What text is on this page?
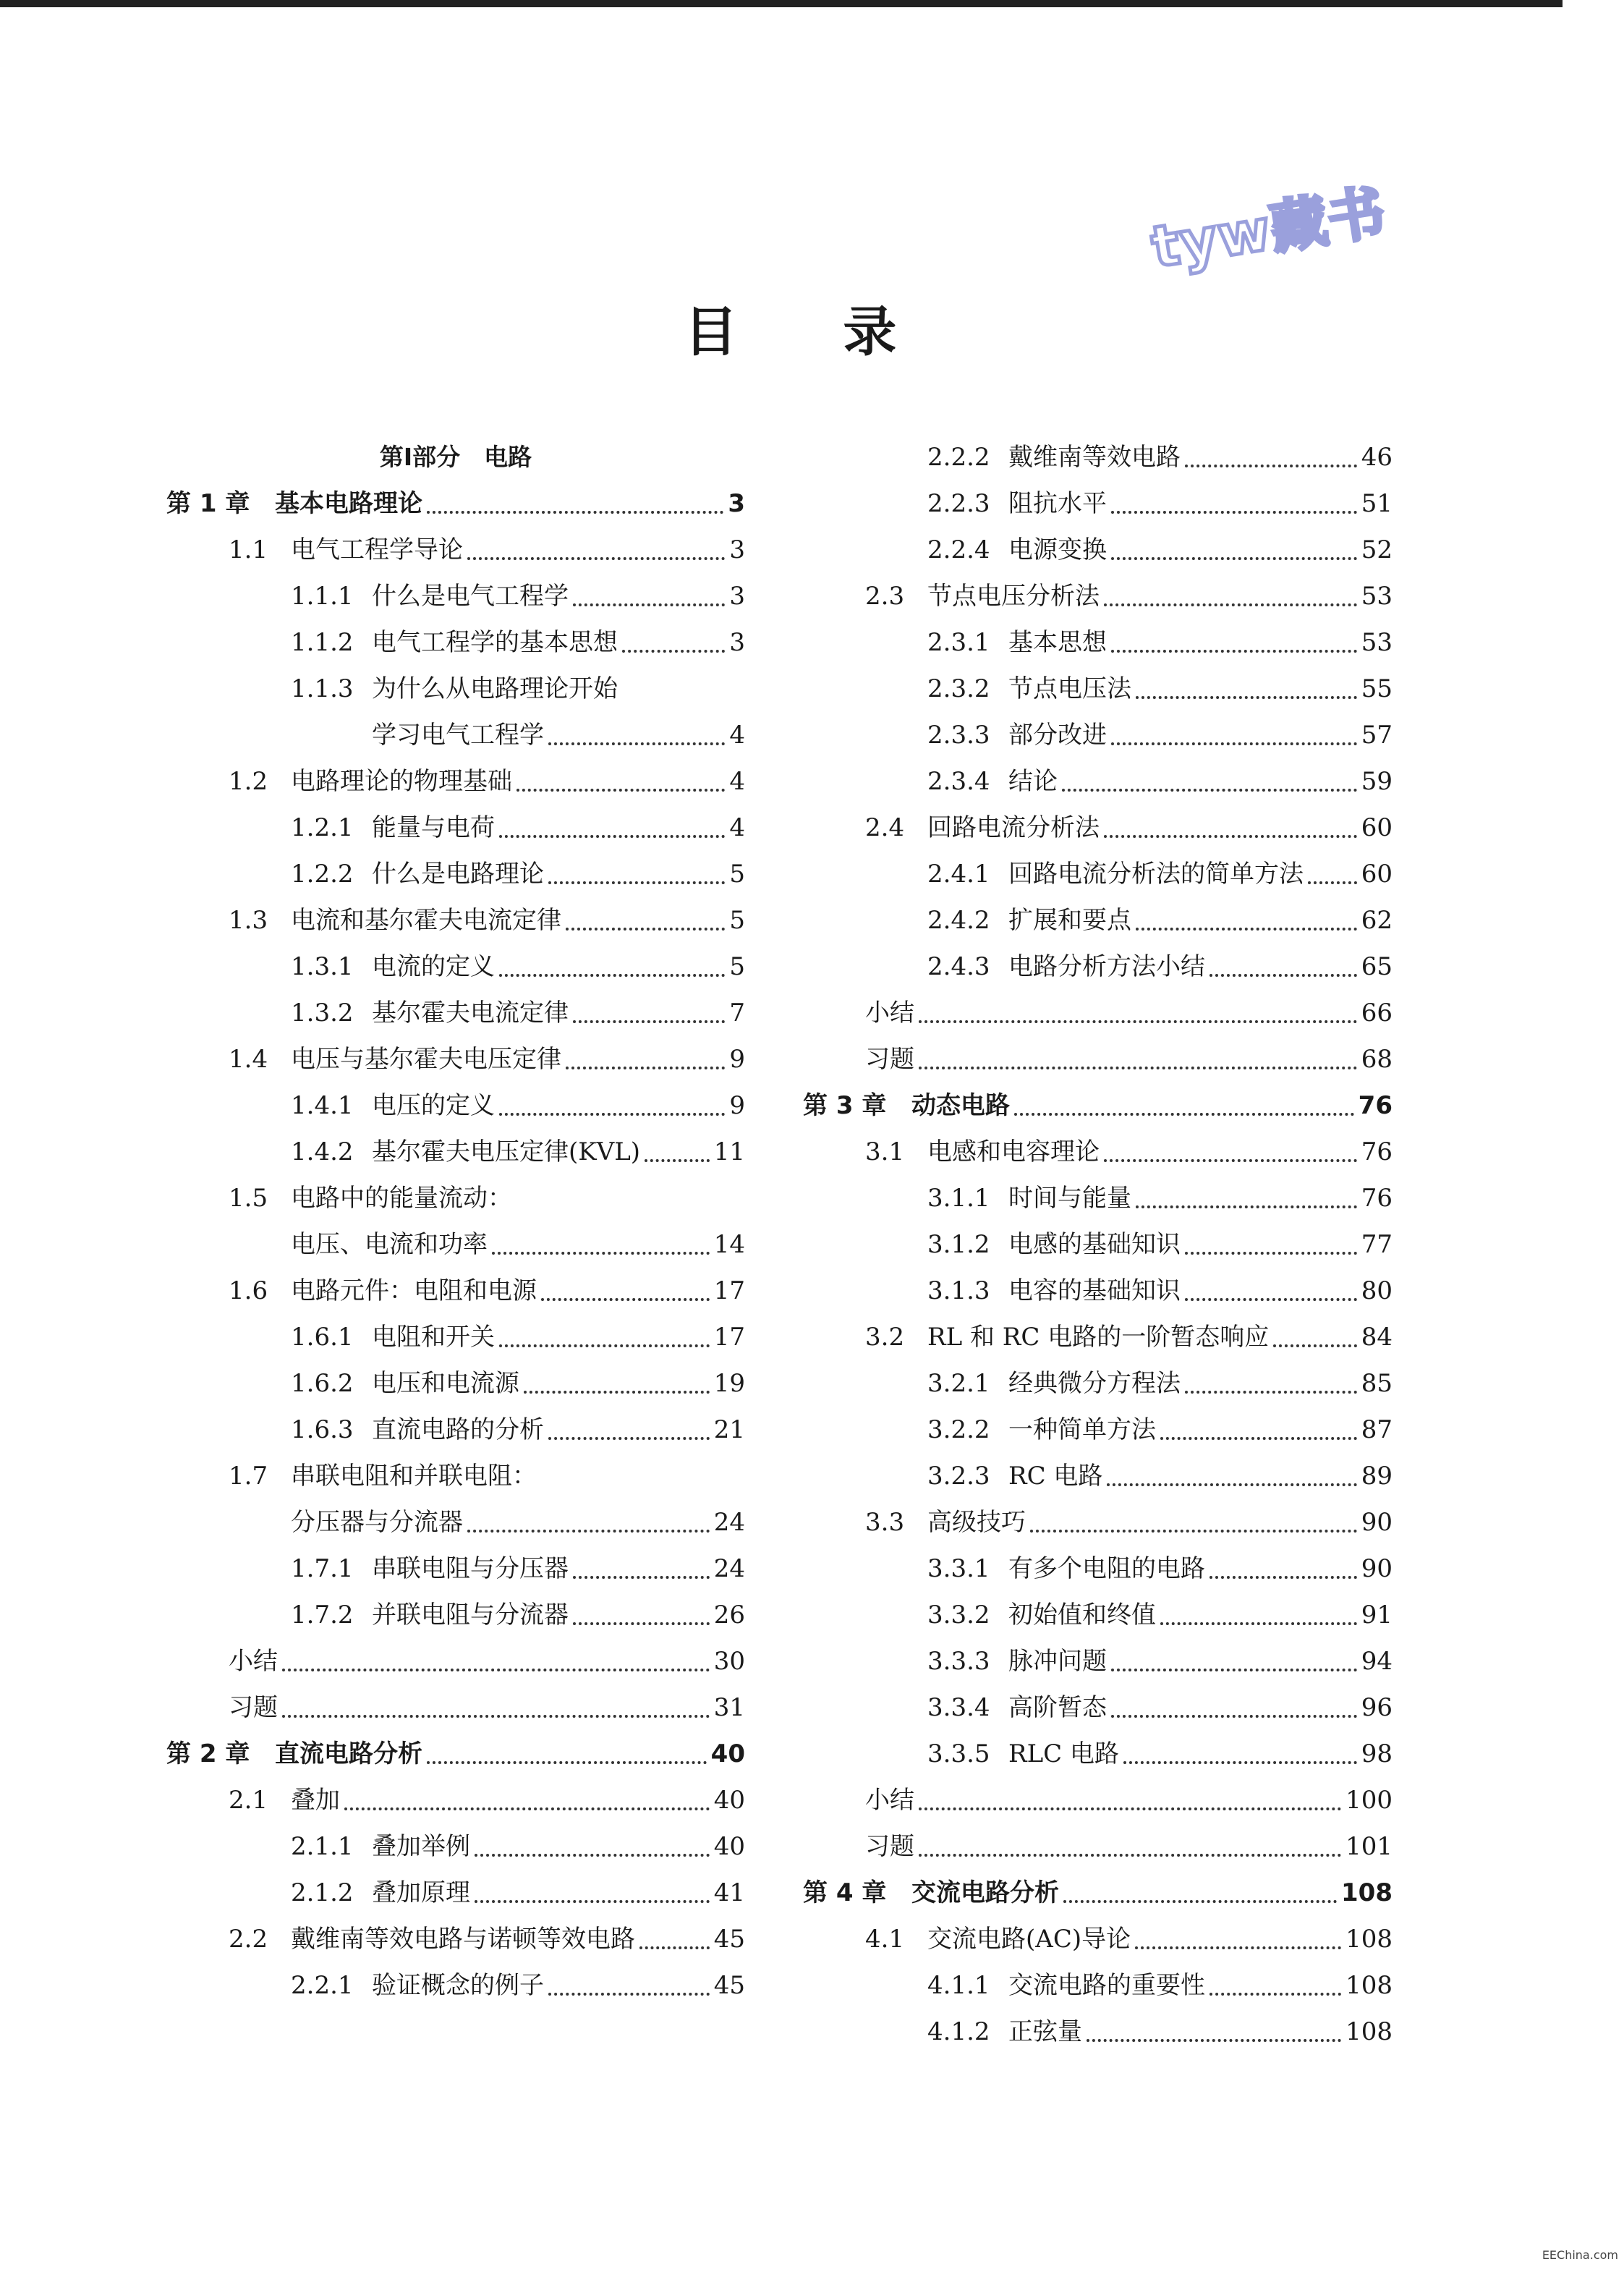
tyw藏书
目 录
第Ⅰ部分　电路
第 1 章	基本电路理论	3
1.1 电气工程学导论	3
1.1.1 什么是电气工程学	3
1.1.2 电气工程学的基本思想	3
1.1.3 为什么从电路理论开始
学习电气工程学	4
1.2 电路理论的物理基础	4
1.2.1 能量与电荷	4
1.2.2 什么是电路理论	5
1.3 电流和基尔霍夫电流定律	5
1.3.1 电流的定义	5
1.3.2 基尔霍夫电流定律	7
1.4 电压与基尔霍夫电压定律	9
1.4.1 电压的定义	9
1.4.2 基尔霍夫电压定律(KVL)	11
1.5 电路中的能量流动：
电压、电流和功率	14
1.6 电路元件：电阻和电源	17
1.6.1 电阻和开关	17
1.6.2 电压和电流源	19
1.6.3 直流电路的分析	21
1.7 串联电阻和并联电阻：
分压器与分流器	24
1.7.1 串联电阻与分压器	24
1.7.2 并联电阻与分流器	26
小结	30
习题	31
第 2 章	直流电路分析	40
2.1 叠加	40
2.1.1 叠加举例	40
2.1.2 叠加原理	41
2.2 戴维南等效电路与诺顿等效电路	45
2.2.1 验证概念的例子	45
2.2.2 戴维南等效电路	46
2.2.3 阻抗水平	51
2.2.4 电源变换	52
2.3 节点电压分析法	53
2.3.1 基本思想	53
2.3.2 节点电压法	55
2.3.3 部分改进	57
2.3.4 结论	59
2.4 回路电流分析法	60
2.4.1 回路电流分析法的简单方法 60
2.4.2 扩展和要点	62
2.4.3 电路分析方法小结	65
小结	66
习题	68
第 3 章	动态电路	76
3.1 电感和电容理论	76
3.1.1 时间与能量	76
3.1.2 电感的基础知识	77
3.1.3 电容的基础知识	80
3.2 RL 和 RC 电路的一阶暂态响应	84
3.2.1 经典微分方程法	85
3.2.2 一种简单方法	87
3.2.3 RC 电路	89
3.3 高级技巧	90
3.3.1 有多个电阻的电路	90
3.3.2 初始值和终值	91
3.3.3 脉冲问题	94
3.3.4 高阶暂态	96
3.3.5 RLC 电路	98
小结	100
习题	101
第 4 章	交流电路分析	108
4.1 交流电路(AC)导论	108
4.1.1 交流电路的重要性	108
4.1.2 正弦量	108
EEChina.com
